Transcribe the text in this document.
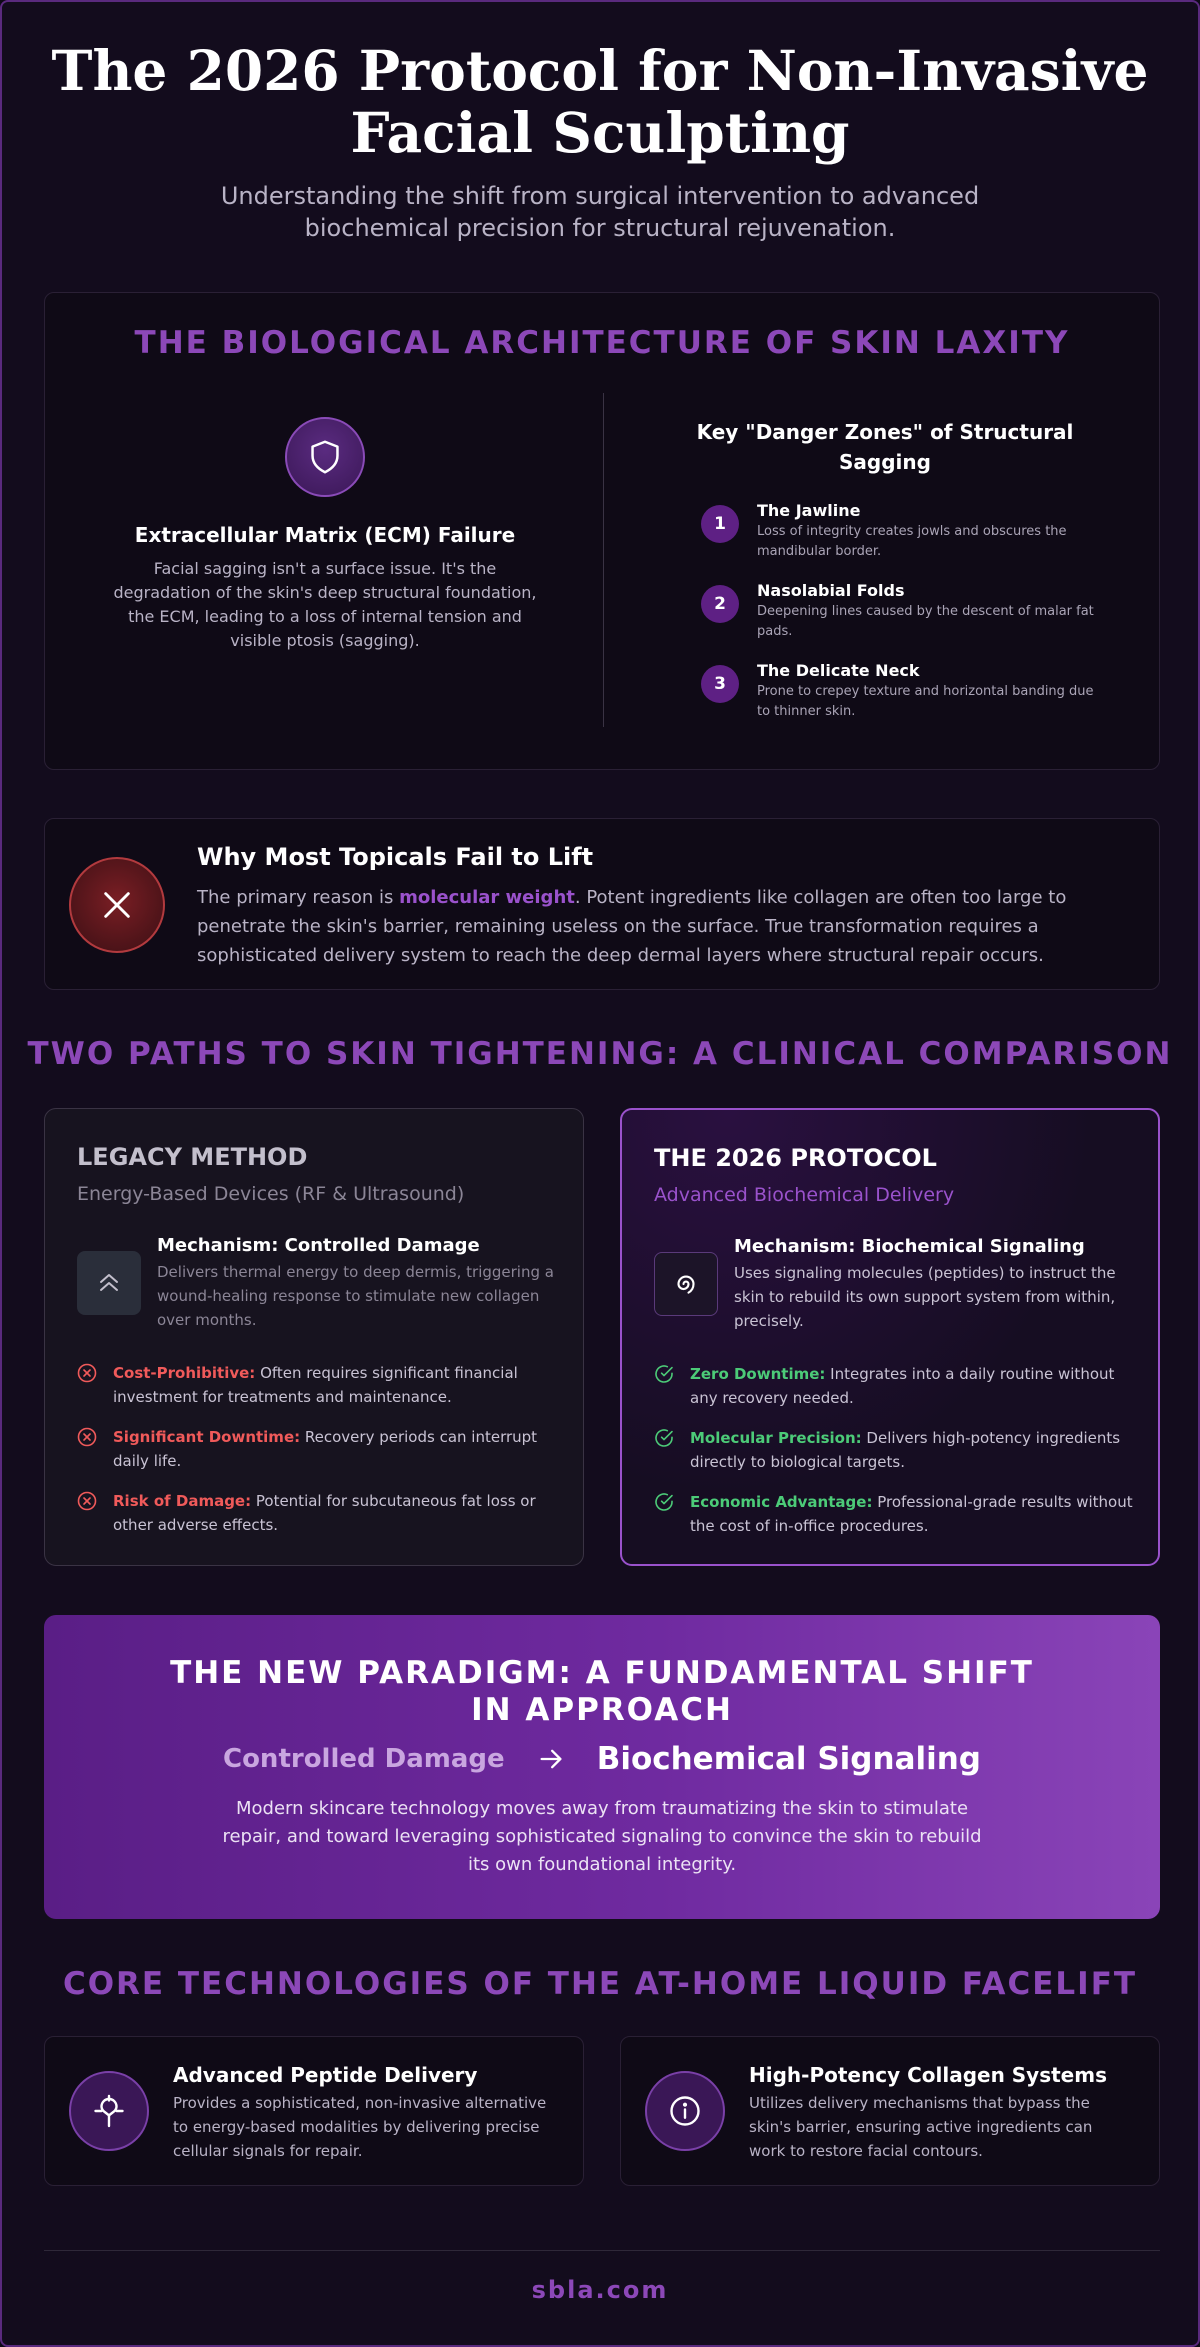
The 2026 Protocol for Non-Invasive Facial Sculpting

Understanding the shift from surgical intervention to advanced biochemical precision for structural rejuvenation.

THE BIOLOGICAL ARCHITECTURE OF SKIN LAXITY
Extracellular Matrix (ECM) Failure

Facial sagging isn't a surface issue. It's the degradation of the skin's deep structural foundation, the ECM, leading to a loss of internal tension and visible ptosis (sagging).

Key "Danger Zones" of Structural Sagging
1
The Jawline

Loss of integrity creates jowls and obscures the mandibular border.

2
Nasolabial Folds

Deepening lines caused by the descent of malar fat pads.

3
The Delicate Neck

Prone to crepey texture and horizontal banding due to thinner skin.

Why Most Topicals Fail to Lift

The primary reason is molecular weight. Potent ingredients like collagen are often too large to penetrate the skin's barrier, remaining useless on the surface. True transformation requires a sophisticated delivery system to reach the deep dermal layers where structural repair occurs.

TWO PATHS TO SKIN TIGHTENING: A CLINICAL COMPARISON
LEGACY METHOD
Energy-Based Devices (RF & Ultrasound)
Mechanism: Controlled Damage

Delivers thermal energy to deep dermis, triggering a wound-healing response to stimulate new collagen over months.

Cost-Prohibitive: Often requires significant financial investment for treatments and maintenance.

Significant Downtime: Recovery periods can interrupt daily life.

Risk of Damage: Potential for subcutaneous fat loss or other adverse effects.

THE 2026 PROTOCOL
Advanced Biochemical Delivery
Mechanism: Biochemical Signaling

Uses signaling molecules (peptides) to instruct the skin to rebuild its own support system from within, precisely.

Zero Downtime: Integrates into a daily routine without any recovery needed.

Molecular Precision: Delivers high-potency ingredients directly to biological targets.

Economic Advantage: Professional-grade results without the cost of in-office procedures.

THE NEW PARADIGM: A FUNDAMENTAL SHIFT IN APPROACH
Controlled Damage	Biochemical Signaling

Modern skincare technology moves away from traumatizing the skin to stimulate repair, and toward leveraging sophisticated signaling to convince the skin to rebuild its own foundational integrity.

CORE TECHNOLOGIES OF THE AT-HOME LIQUID FACELIFT
Advanced Peptide Delivery

Provides a sophisticated, non-invasive alternative to energy-based modalities by delivering precise cellular signals for repair.

High-Potency Collagen Systems

Utilizes delivery mechanisms that bypass the skin's barrier, ensuring active ingredients can work to restore facial contours.

sbla.com
